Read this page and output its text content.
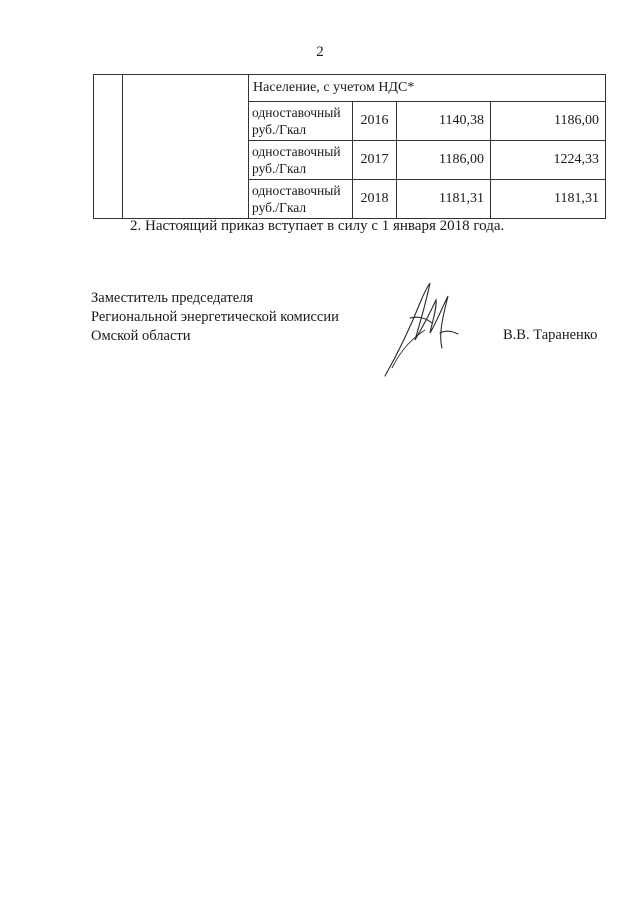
2
		Население, с учетом НДС*			
		одноставочный
руб./Гкал	2016	1140,38	1186,00
		одноставочный
руб./Гкал	2017	1186,00	1224,33
		одноставочный
руб./Гкал	2018	1181,31	1181,31
2. Настоящий приказ вступает в силу с 1 января 2018 года.
Заместитель председателя
Региональной энергетической комиссии
Омской области	В.В. Тараненко
